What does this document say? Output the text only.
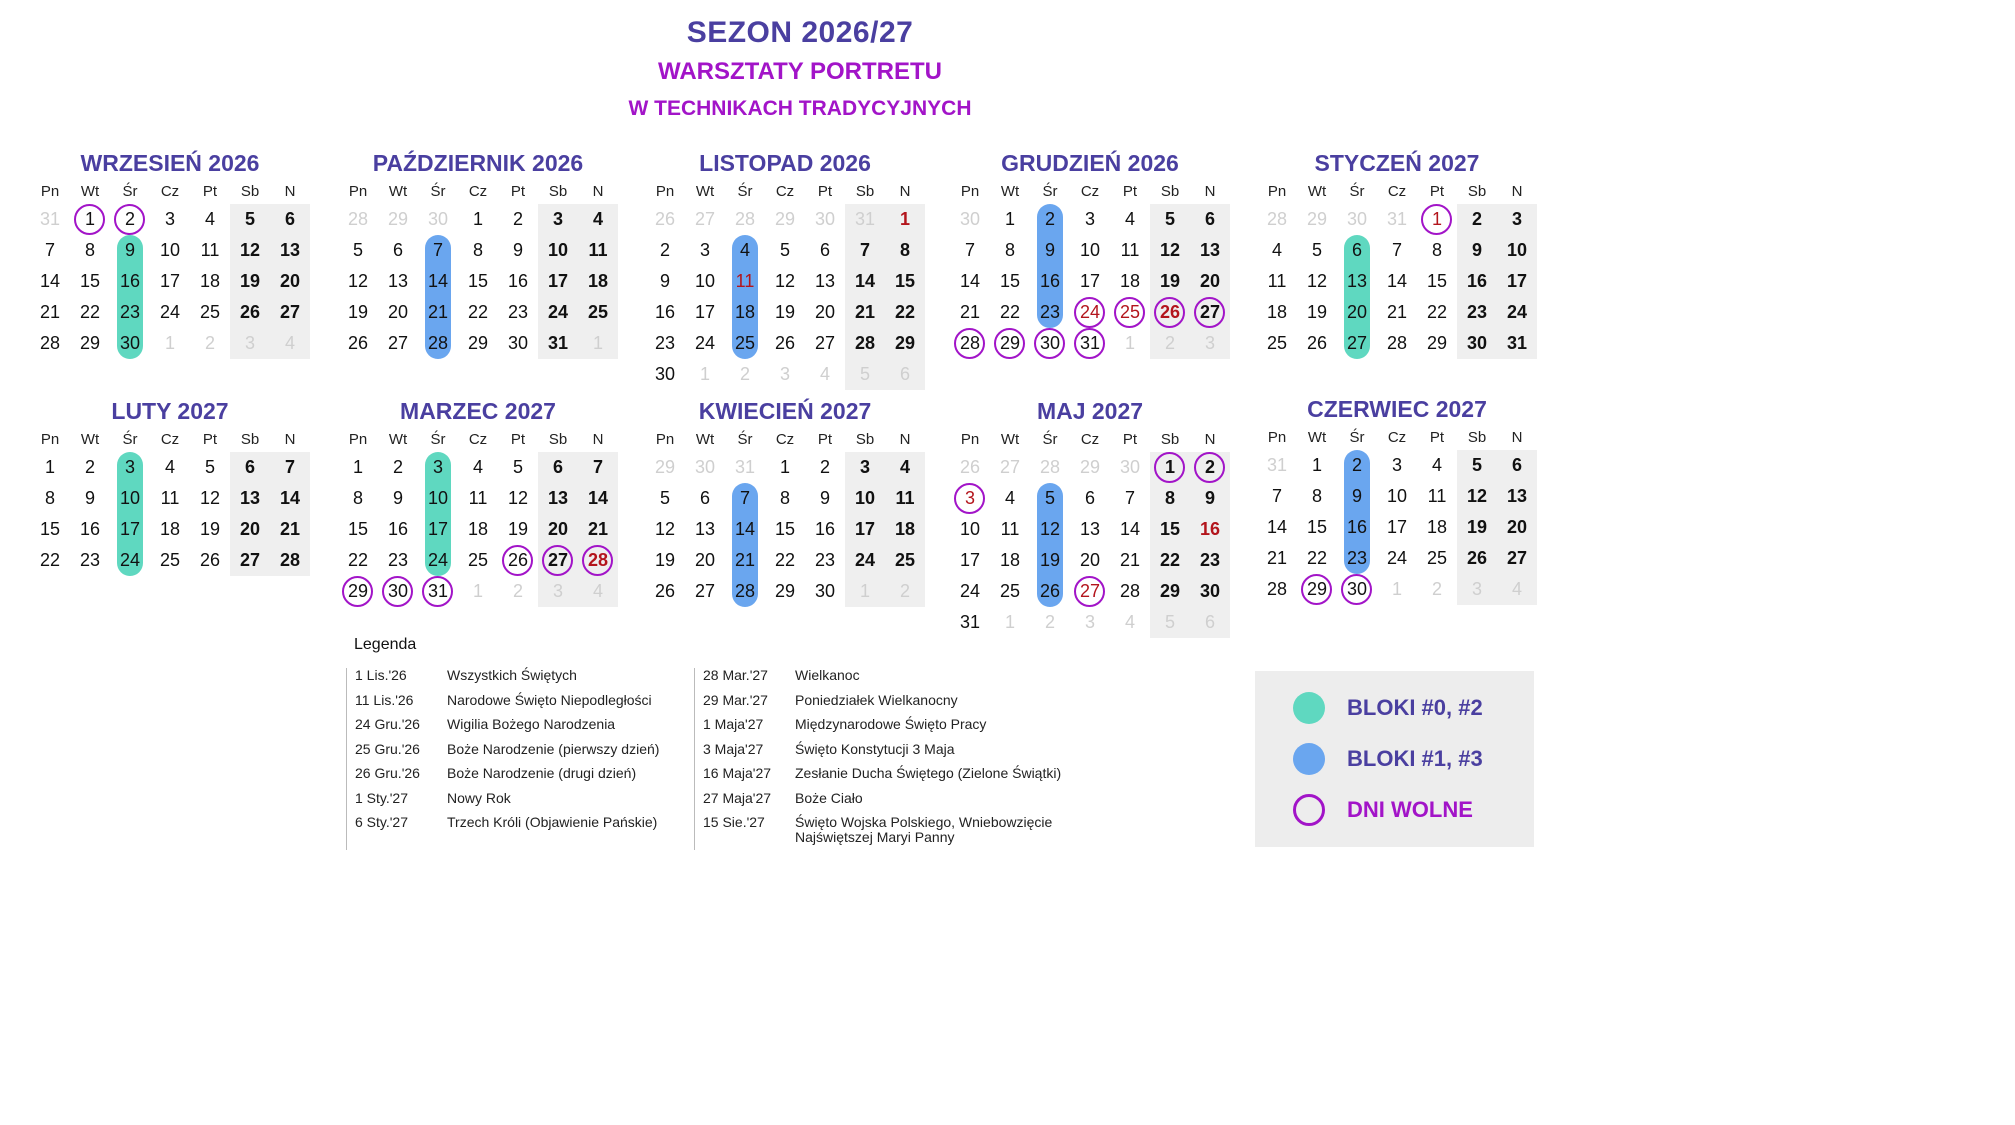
SEZON 2026/27
WARSZTATY PORTRETU
W TECHNIKACH TRADYCYJNYCH
WRZESIEŃ 2026
Pn	Wt	Śr	Cz	Pt	Sb	N
31	1	2	3	4	5	6
7	8	9	10	11	12	13
14	15	16	17	18	19	20
21	22	23	24	25	26	27
28	29	30	1	2	3	4
PAŹDZIERNIK 2026
Pn	Wt	Śr	Cz	Pt	Sb	N
28	29	30	1	2	3	4
5	6	7	8	9	10	11
12	13	14	15	16	17	18
19	20	21	22	23	24	25
26	27	28	29	30	31	1
LISTOPAD 2026
Pn	Wt	Śr	Cz	Pt	Sb	N
26	27	28	29	30	31	1
2	3	4	5	6	7	8
9	10	11	12	13	14	15
16	17	18	19	20	21	22
23	24	25	26	27	28	29
30	1	2	3	4	5	6
GRUDZIEŃ 2026
Pn	Wt	Śr	Cz	Pt	Sb	N
30	1	2	3	4	5	6
7	8	9	10	11	12	13
14	15	16	17	18	19	20
21	22	23	24	25	26	27
28	29	30	31	1	2	3
STYCZEŃ 2027
Pn	Wt	Śr	Cz	Pt	Sb	N
28	29	30	31	1	2	3
4	5	6	7	8	9	10
11	12	13	14	15	16	17
18	19	20	21	22	23	24
25	26	27	28	29	30	31
LUTY 2027
Pn	Wt	Śr	Cz	Pt	Sb	N
1	2	3	4	5	6	7
8	9	10	11	12	13	14
15	16	17	18	19	20	21
22	23	24	25	26	27	28
MARZEC 2027
Pn	Wt	Śr	Cz	Pt	Sb	N
1	2	3	4	5	6	7
8	9	10	11	12	13	14
15	16	17	18	19	20	21
22	23	24	25	26	27	28
29	30	31	1	2	3	4
KWIECIEŃ 2027
Pn	Wt	Śr	Cz	Pt	Sb	N
29	30	31	1	2	3	4
5	6	7	8	9	10	11
12	13	14	15	16	17	18
19	20	21	22	23	24	25
26	27	28	29	30	1	2
MAJ 2027
Pn	Wt	Śr	Cz	Pt	Sb	N
26	27	28	29	30	1	2
3	4	5	6	7	8	9
10	11	12	13	14	15	16
17	18	19	20	21	22	23
24	25	26	27	28	29	30
31	1	2	3	4	5	6
CZERWIEC 2027
Pn	Wt	Śr	Cz	Pt	Sb	N
31	1	2	3	4	5	6
7	8	9	10	11	12	13
14	15	16	17	18	19	20
21	22	23	24	25	26	27
28	29	30	1	2	3	4
Legenda
1 Lis.'26	Wszystkich Świętych
11 Lis.'26	Narodowe Święto Niepodległości
24 Gru.'26	Wigilia Bożego Narodzenia
25 Gru.'26	Boże Narodzenie (pierwszy dzień)
26 Gru.'26	Boże Narodzenie (drugi dzień)
1 Sty.'27	Nowy Rok
6 Sty.'27	Trzech Króli (Objawienie Pańskie)
28 Mar.'27	Wielkanoc
29 Mar.'27	Poniedziałek Wielkanocny
1 Maja'27	Międzynarodowe Święto Pracy
3 Maja'27	Święto Konstytucji 3 Maja
16 Maja'27	Zesłanie Ducha Świętego (Zielone Świątki)
27 Maja'27	Boże Ciało
15 Sie.'27	Święto Wojska Polskiego, Wniebowzięcie Najświętszej Maryi Panny
BLOKI #0, #2
BLOKI #1, #3
DNI WOLNE
